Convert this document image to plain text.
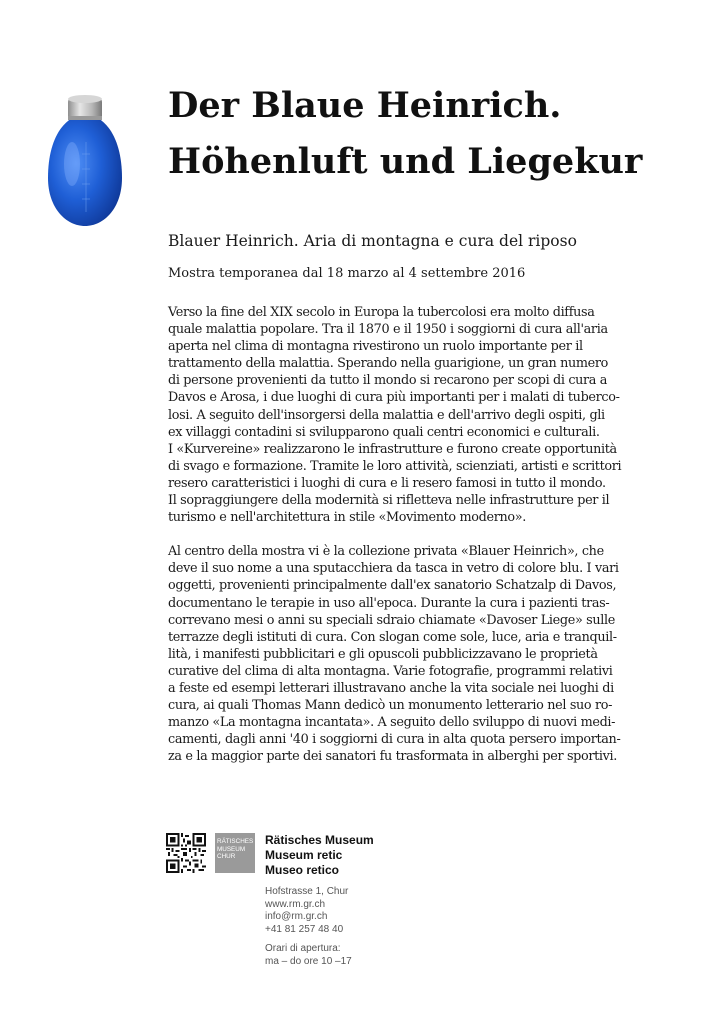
Der Blaue Heinrich.
Höhenluft und Liegekur
Blauer Heinrich. Aria di montagna e cura del riposo

Mostra temporanea dal 18 marzo al 4 settembre 2016

Verso la fine del XIX secolo in Europa la tubercolosi era molto diffusa
quale malattia popolare. Tra il 1870 e il 1950 i soggiorni di cura all'aria
aperta nel clima di montagna rivestirono un ruolo importante per il
trattamento della malattia. Sperando nella guarigione, un gran numero
di persone provenienti da tutto il mondo si recarono per scopi di cura a
Davos e Arosa, i due luoghi di cura più importanti per i malati di tuberco-
losi. A seguito dell'insorgersi della malattia e dell'arrivo degli ospiti, gli
ex villaggi contadini si svilupparono quali centri economici e culturali.
I «Kurvereine» realizzarono le infrastrutture e furono create opportunità
di svago e formazione. Tramite le loro attività, scienziati, artisti e scrittori
resero caratteristici i luoghi di cura e li resero famosi in tutto il mondo.
Il sopraggiungere della modernità si rifletteva nelle infrastrutture per il
turismo e nell'architettura in stile «Movimento moderno».

Al centro della mostra vi è la collezione privata «Blauer Heinrich», che
deve il suo nome a una sputacchiera da tasca in vetro di colore blu. I vari
oggetti, provenienti principalmente dall'ex sanatorio Schatzalp di Davos,
documentano le terapie in uso all'epoca. Durante la cura i pazienti tras-
correvano mesi o anni su speciali sdraio chiamate «Davoser Liege» sulle
terrazze degli istituti di cura. Con slogan come sole, luce, aria e tranquil-
lità, i manifesti pubblicitari e gli opuscoli pubblicizzavano le proprietà
curative del clima di alta montagna. Varie fotografie, programmi relativi
a feste ed esempi letterari illustravano anche la vita sociale nei luoghi di
cura, ai quali Thomas Mann dedicò un monumento letterario nel suo ro-
manzo «La montagna incantata». A seguito dello sviluppo di nuovi medi-
camenti, dagli anni '40 i soggiorni di cura in alta quota persero importan-
za e la maggior parte dei sanatori fu trasformata in alberghi per sportivi.

RÄTISCHES
MUSEUM
CHUR
Rätisches Museum
Museum retic
Museo retico
Hofstrasse 1, Chur
www.rm.gr.ch
info@rm.gr.ch
+41 81 257 48 40
Orari di apertura:
ma – do ore 10 –17
